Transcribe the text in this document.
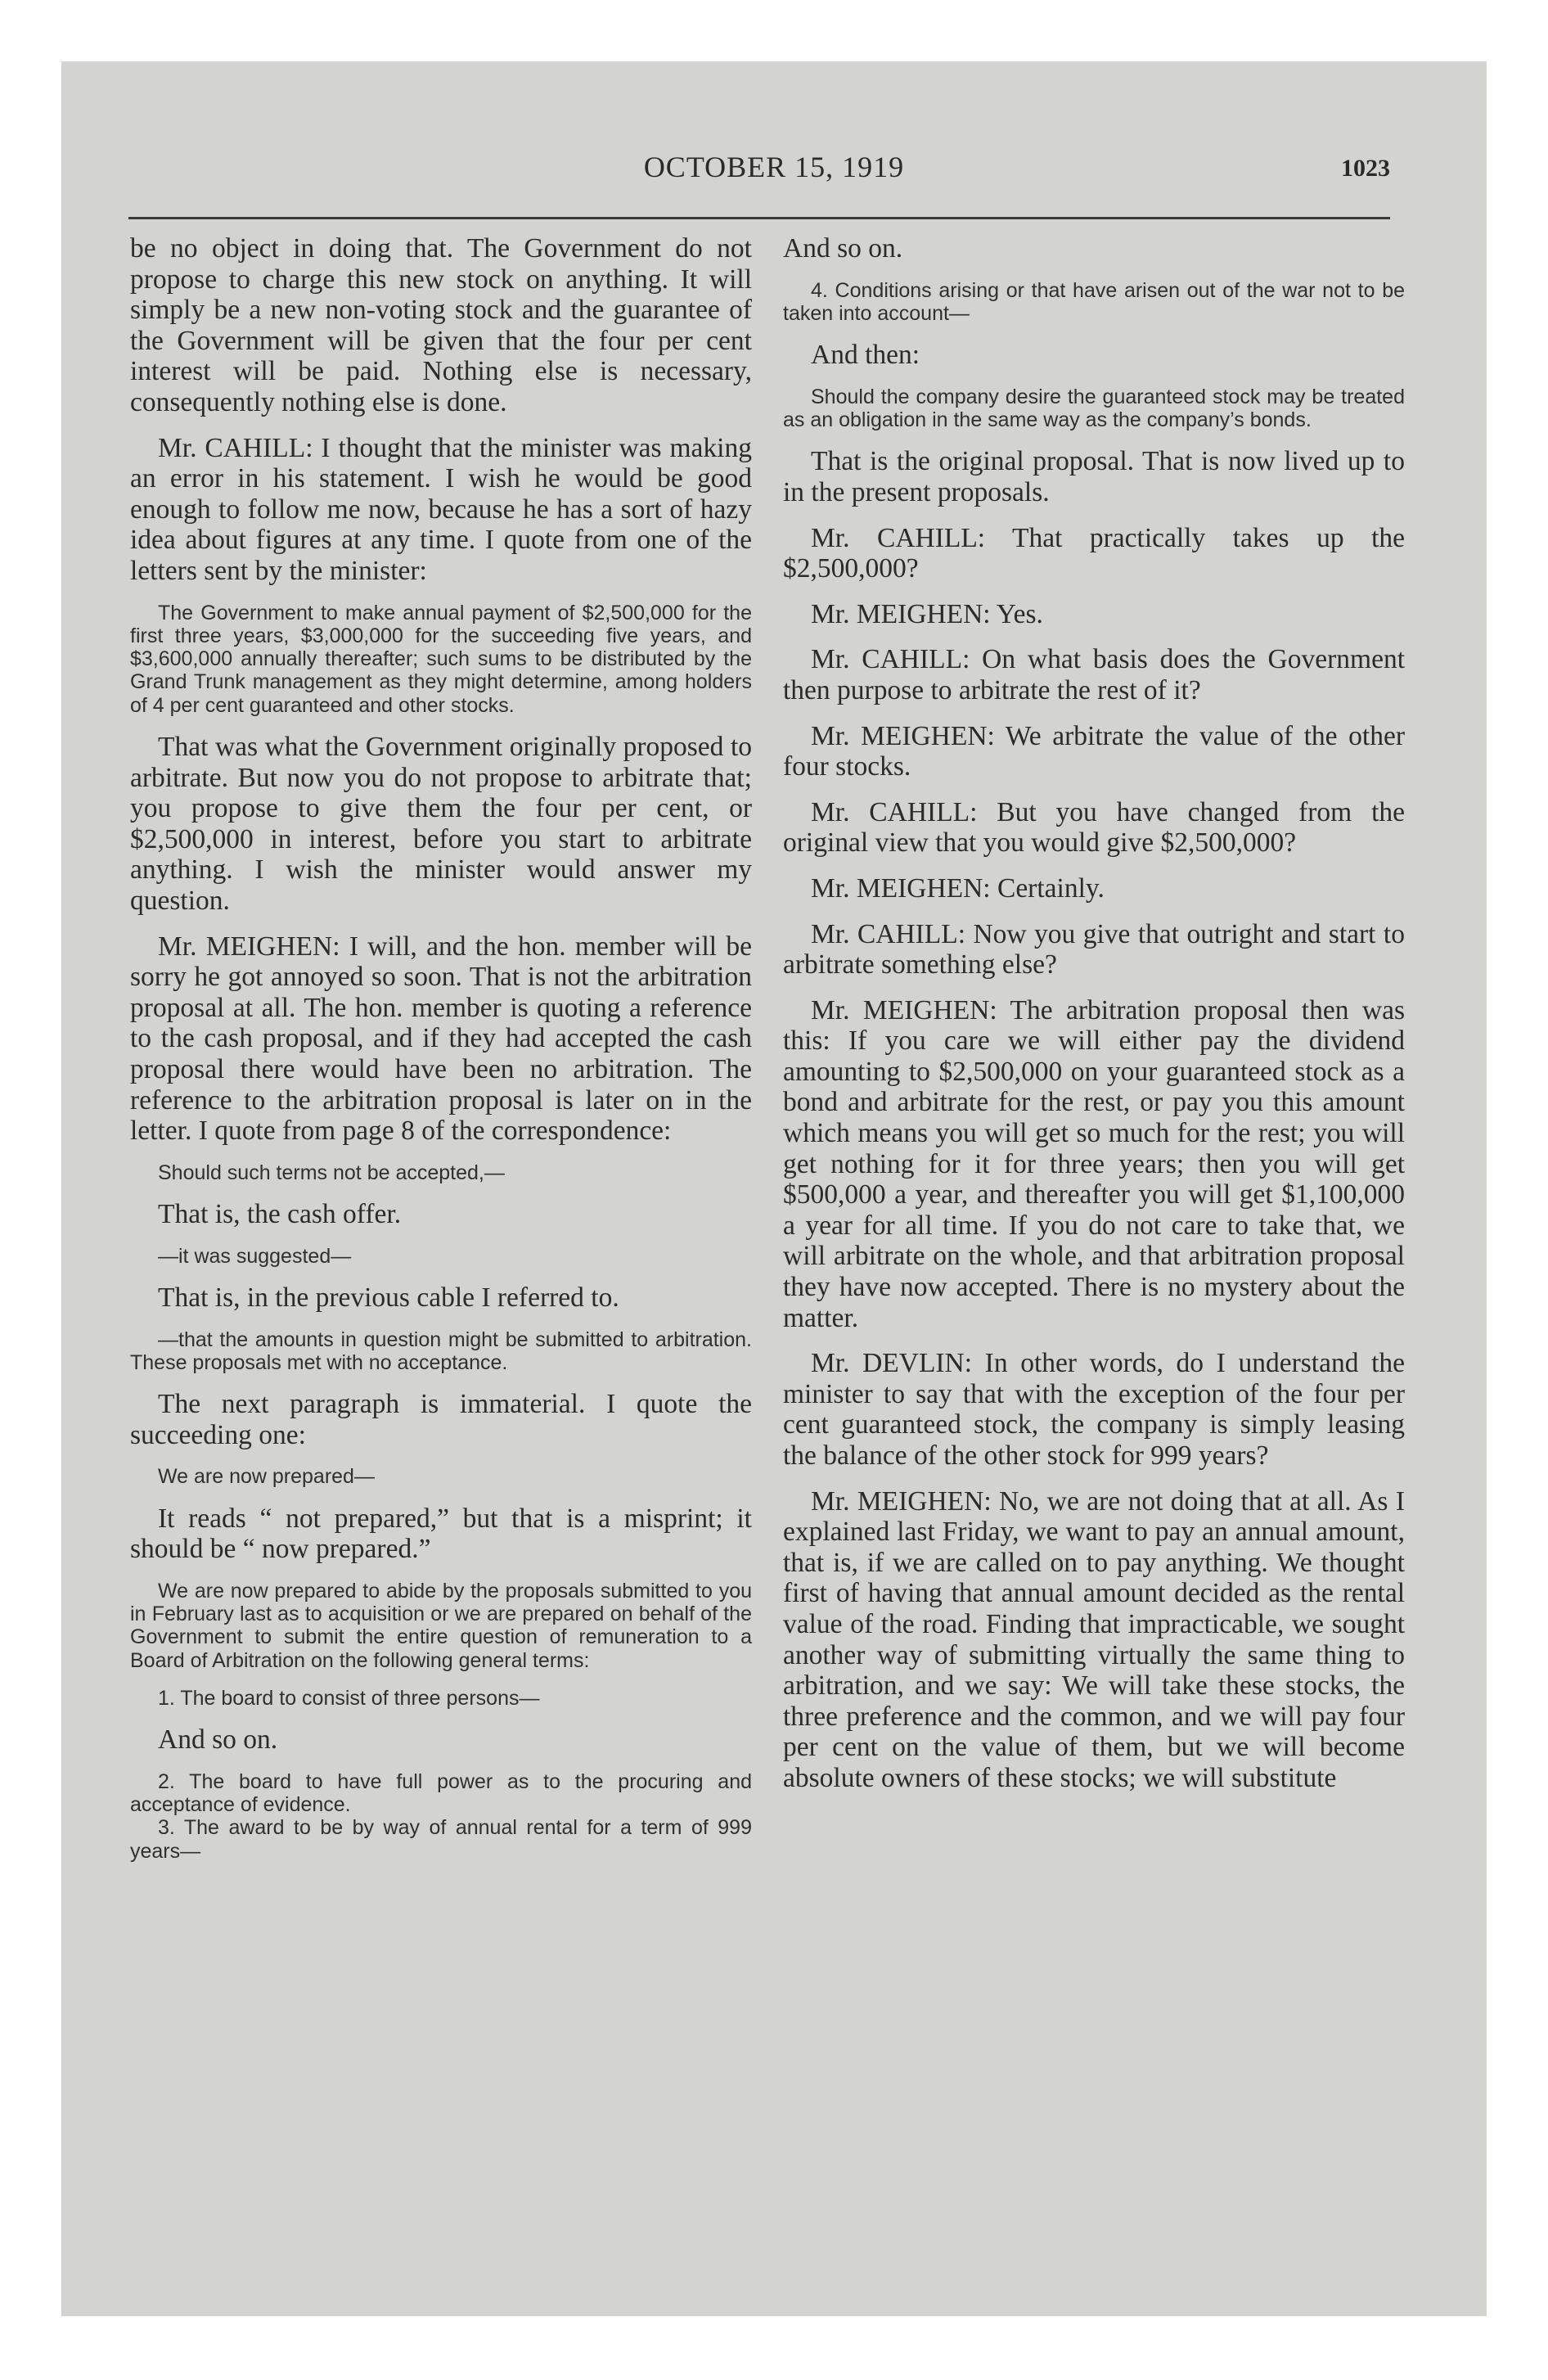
OCTOBER 15, 1919	1023

be no object in doing that. The Government do not propose to charge this new stock on anything. It will simply be a new non-voting stock and the guarantee of the Government will be given that the four per cent interest will be paid. Nothing else is necessary, consequently nothing else is done.

Mr. CAHILL: I thought that the minister was making an error in his statement. I wish he would be good enough to follow me now, because he has a sort of hazy idea about figures at any time. I quote from one of the letters sent by the minister:

The Government to make annual payment of $2,500,000 for the first three years, $3,000,000 for the succeeding five years, and $3,600,000 annually thereafter; such sums to be distributed by the Grand Trunk management as they might determine, among holders of 4 per cent guaranteed and other stocks.

That was what the Government originally proposed to arbitrate. But now you do not propose to arbitrate that; you propose to give them the four per cent, or $2,500,000 in interest, before you start to arbitrate anything. I wish the minister would answer my question.

Mr. MEIGHEN: I will, and the hon. member will be sorry he got annoyed so soon. That is not the arbitration proposal at all. The hon. member is quoting a reference to the cash proposal, and if they had accepted the cash proposal there would have been no arbitration. The reference to the arbitration proposal is later on in the letter. I quote from page 8 of the correspondence:

Should such terms not be accepted,—

That is, the cash offer.

—it was suggested—

That is, in the previous cable I referred to.

—that the amounts in question might be submitted to arbitration. These proposals met with no acceptance.

The next paragraph is immaterial. I quote the succeeding one:

We are now prepared—

It reads “ not prepared,” but that is a misprint; it should be “ now prepared.”

We are now prepared to abide by the proposals submitted to you in February last as to acquisition or we are prepared on behalf of the Government to submit the entire question of remuneration to a Board of Arbitration on the following general terms:

1. The board to consist of three persons—

And so on.

2. The board to have full power as to the procuring and acceptance of evidence.

3. The award to be by way of annual rental for a term of 999 years—

And so on.

4. Conditions arising or that have arisen out of the war not to be taken into account—

And then:

Should the company desire the guaranteed stock may be treated as an obligation in the same way as the company’s bonds.

That is the original proposal. That is now lived up to in the present proposals.

Mr. CAHILL: That practically takes up the $2,500,000?

Mr. MEIGHEN: Yes.

Mr. CAHILL: On what basis does the Government then purpose to arbitrate the rest of it?

Mr. MEIGHEN: We arbitrate the value of the other four stocks.

Mr. CAHILL: But you have changed from the original view that you would give $2,500,000?

Mr. MEIGHEN: Certainly.

Mr. CAHILL: Now you give that outright and start to arbitrate something else?

Mr. MEIGHEN: The arbitration proposal then was this: If you care we will either pay the dividend amounting to $2,500,000 on your guaranteed stock as a bond and arbitrate for the rest, or pay you this amount which means you will get so much for the rest; you will get nothing for it for three years; then you will get $500,000 a year, and thereafter you will get $1,100,000 a year for all time. If you do not care to take that, we will arbitrate on the whole, and that arbitration proposal they have now accepted. There is no mystery about the matter.

Mr. DEVLIN: In other words, do I understand the minister to say that with the exception of the four per cent guaranteed stock, the company is simply leasing the balance of the other stock for 999 years?

Mr. MEIGHEN: No, we are not doing that at all. As I explained last Friday, we want to pay an annual amount, that is, if we are called on to pay anything. We thought first of having that annual amount decided as the rental value of the road. Finding that impracticable, we sought another way of submitting virtually the same thing to arbitration, and we say: We will take these stocks, the three preference and the common, and we will pay four per cent on the value of them, but we will become absolute owners of these stocks; we will substitute
